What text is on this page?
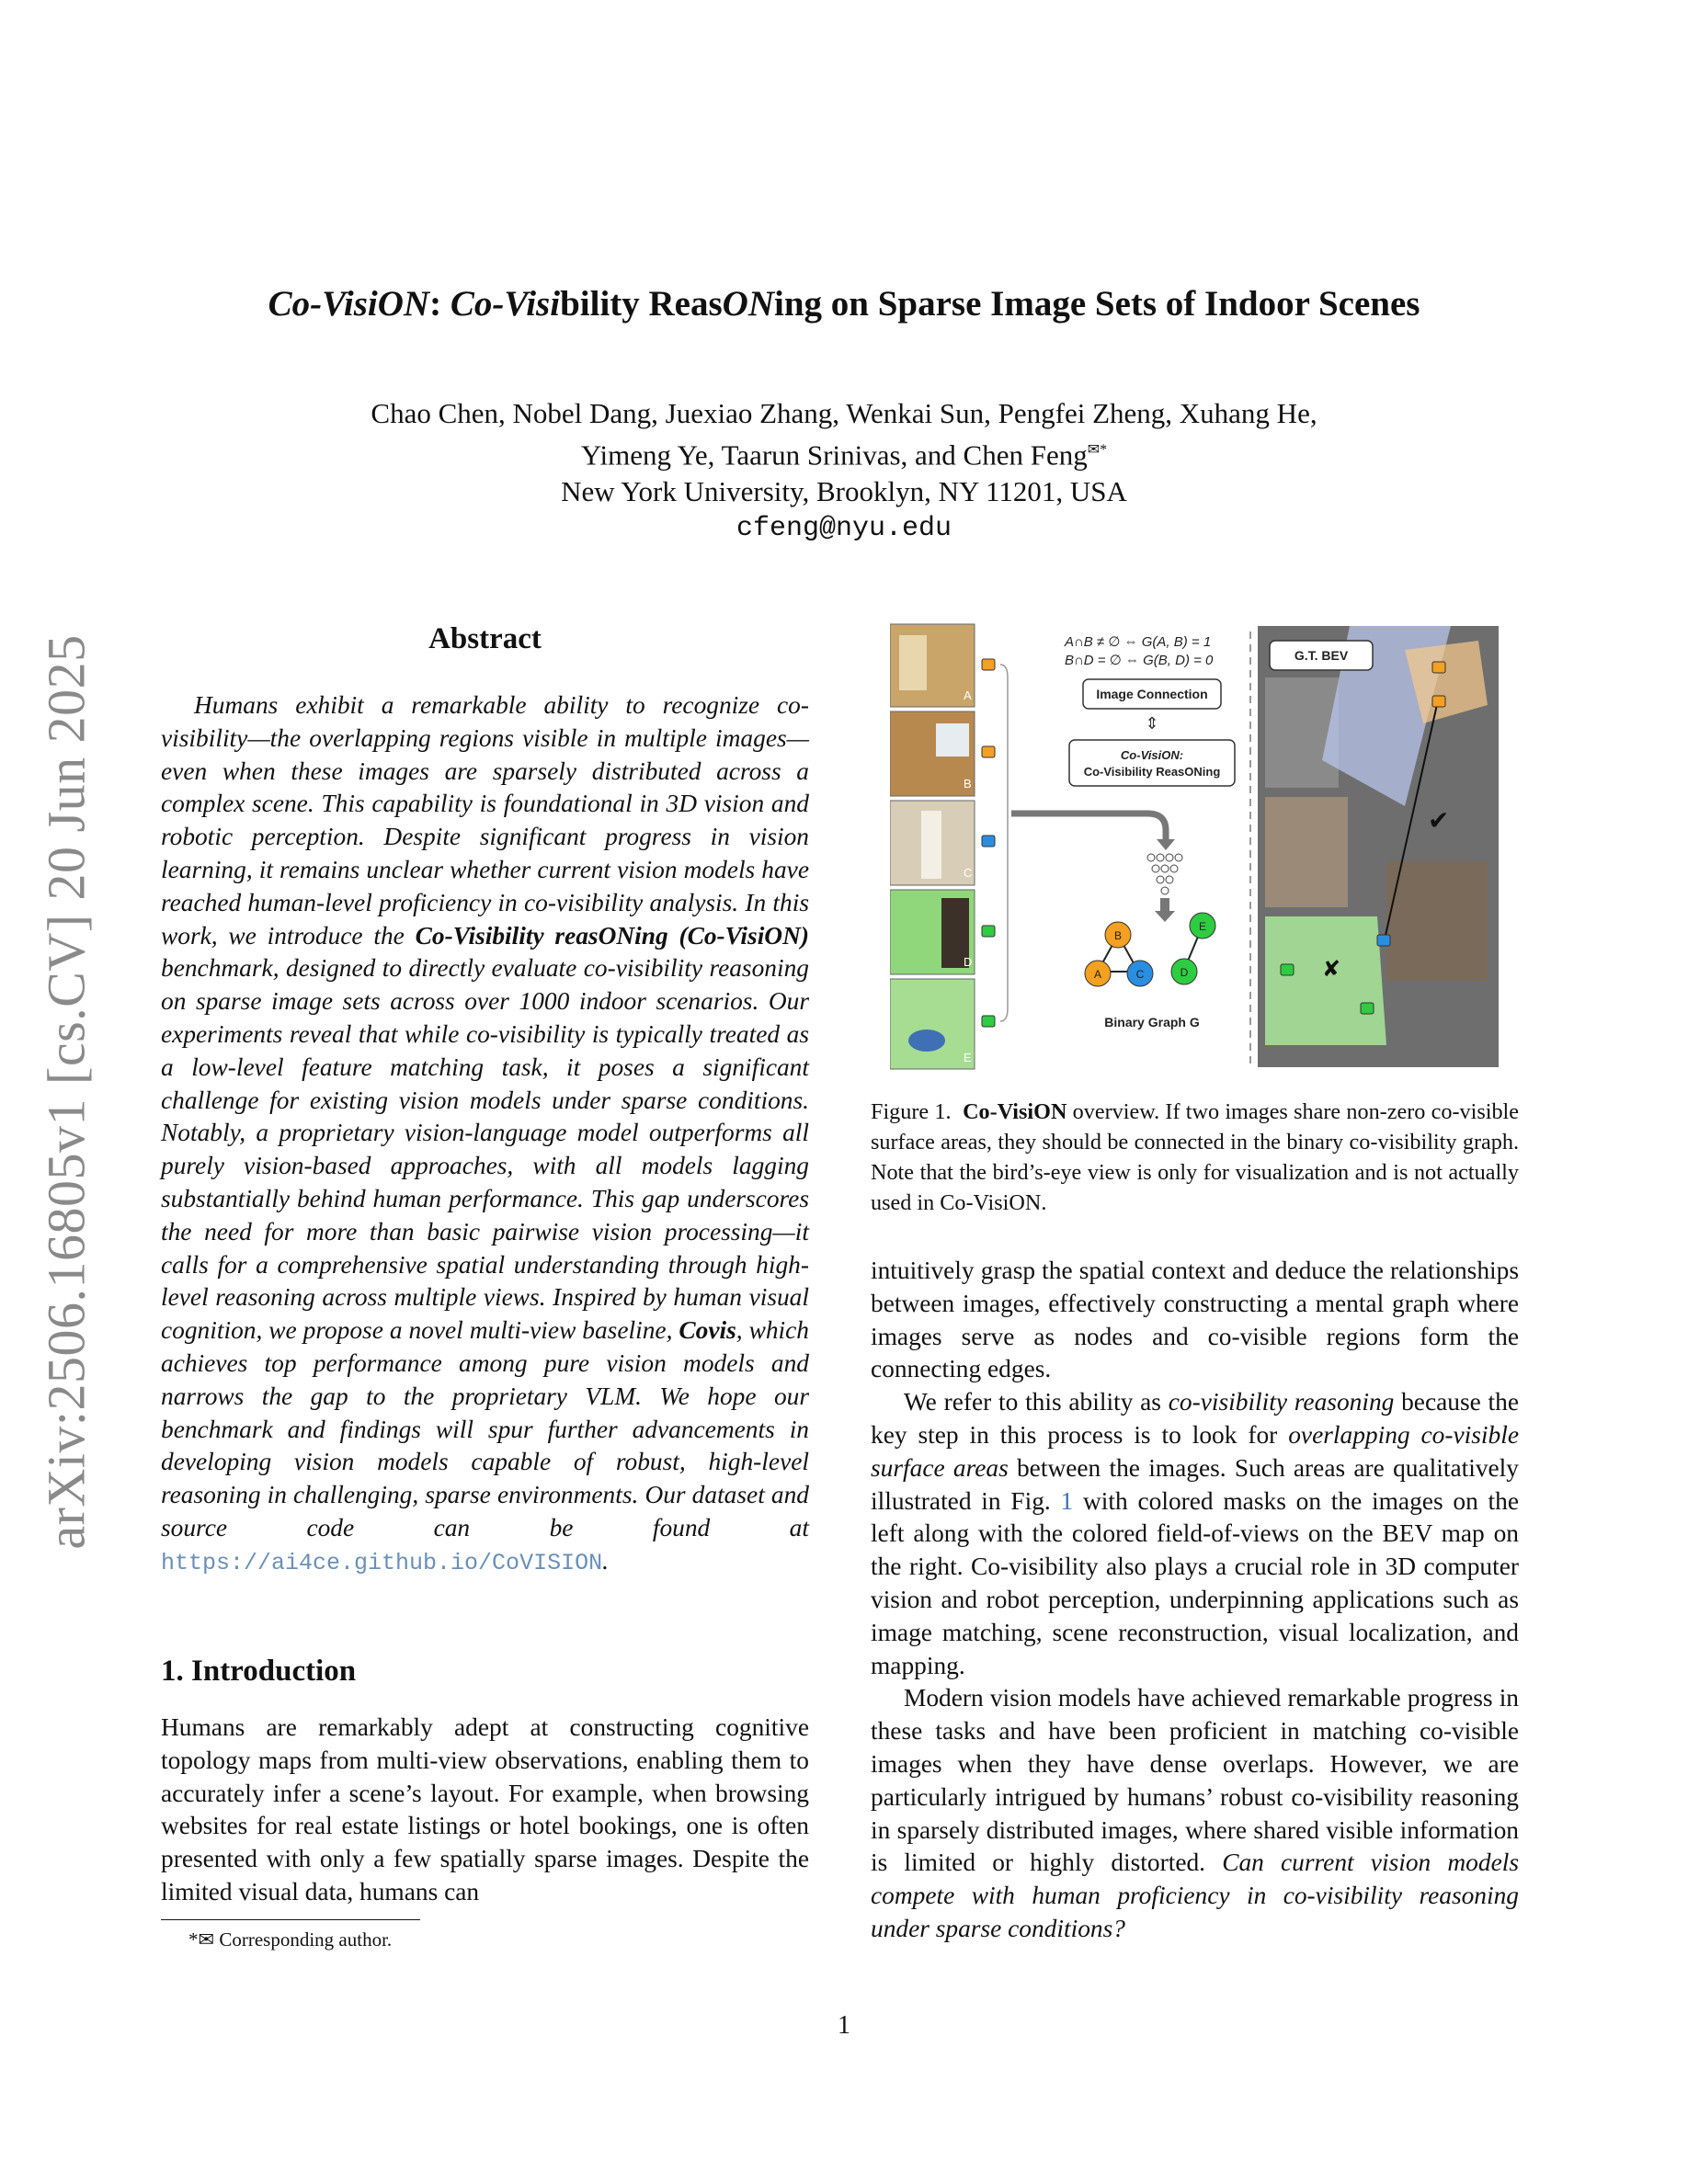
Co-VisiON: Co-Visibility ReasONing on Sparse Image Sets of Indoor Scenes
Chao Chen, Nobel Dang, Juexiao Zhang, Wenkai Sun, Pengfei Zheng, Xuhang He,
Yimeng Ye, Taarun Srinivas, and Chen Feng✉*
New York University, Brooklyn, NY 11201, USA
cfeng@nyu.edu
arXiv:2506.16805v1 [cs.CV] 20 Jun 2025	Abstract
Humans exhibit a remarkable ability to recognize co-visibility—the overlapping regions visible in multiple images—even when these images are sparsely distributed across a complex scene. This capability is foundational in 3D vision and robotic perception. Despite significant progress in vision learning, it remains unclear whether current vision models have reached human-level proficiency in co-visibility analysis. In this work, we introduce the Co-Visibility reasONing (Co-VisiON) benchmark, designed to directly evaluate co-visibility reasoning on sparse image sets across over 1000 indoor scenarios. Our experiments reveal that while co-visibility is typically treated as a low-level feature matching task, it poses a significant challenge for existing vision models under sparse conditions. Notably, a proprietary vision-language model outperforms all purely vision-based approaches, with all models lagging substantially behind human performance. This gap underscores the need for more than basic pairwise vision processing—it calls for a comprehensive spatial understanding through high-level reasoning across multiple views. Inspired by human visual cognition, we propose a novel multi-view baseline, Covis, which achieves top performance among pure vision models and narrows the gap to the proprietary VLM. We hope our benchmark and findings will spur further advancements in developing vision models capable of robust, high-level reasoning in challenging, sparse environments. Our dataset and source code can be found at https://ai4ce.github.io/CoVISION.
1. Introduction
Humans are remarkably adept at constructing cognitive topology maps from multi-view observations, enabling them to accurately infer a scene’s layout. For example, when browsing websites for real estate listings or hotel bookings, one is often presented with only a few spatially sparse images. Despite the limited visual data, humans can
*✉ Corresponding author.
A
B
C
D
E
A∩B ≠ ∅ ⇔ G(A, B) = 1
B∩D = ∅ ⇔ G(B, D) = 0
Image Connection
⇕
Co-VisiON:
Co-Visibility ReasONing
B
A	C
E
D
Binary Graph G
G.T. BEV
✔
✘
Figure 1. Co-VisiON overview. If two images share non-zero co-visible surface areas, they should be connected in the binary co-visibility graph. Note that the bird’s-eye view is only for visualization and is not actually used in Co-VisiON.

intuitively grasp the spatial context and deduce the relationships between images, effectively constructing a mental graph where images serve as nodes and co-visible regions form the connecting edges.

We refer to this ability as co-visibility reasoning because the key step in this process is to look for overlapping co-visible surface areas between the images. Such areas are qualitatively illustrated in Fig. 1 with colored masks on the images on the left along with the colored field-of-views on the BEV map on the right. Co-visibility also plays a crucial role in 3D computer vision and robot perception, underpinning applications such as image matching, scene reconstruction, visual localization, and mapping.

Modern vision models have achieved remarkable progress in these tasks and have been proficient in matching co-visible images when they have dense overlaps. However, we are particularly intrigued by humans’ robust co-visibility reasoning in sparsely distributed images, where shared visible information is limited or highly distorted. Can current vision models compete with human proficiency in co-visibility reasoning under sparse conditions?

1
